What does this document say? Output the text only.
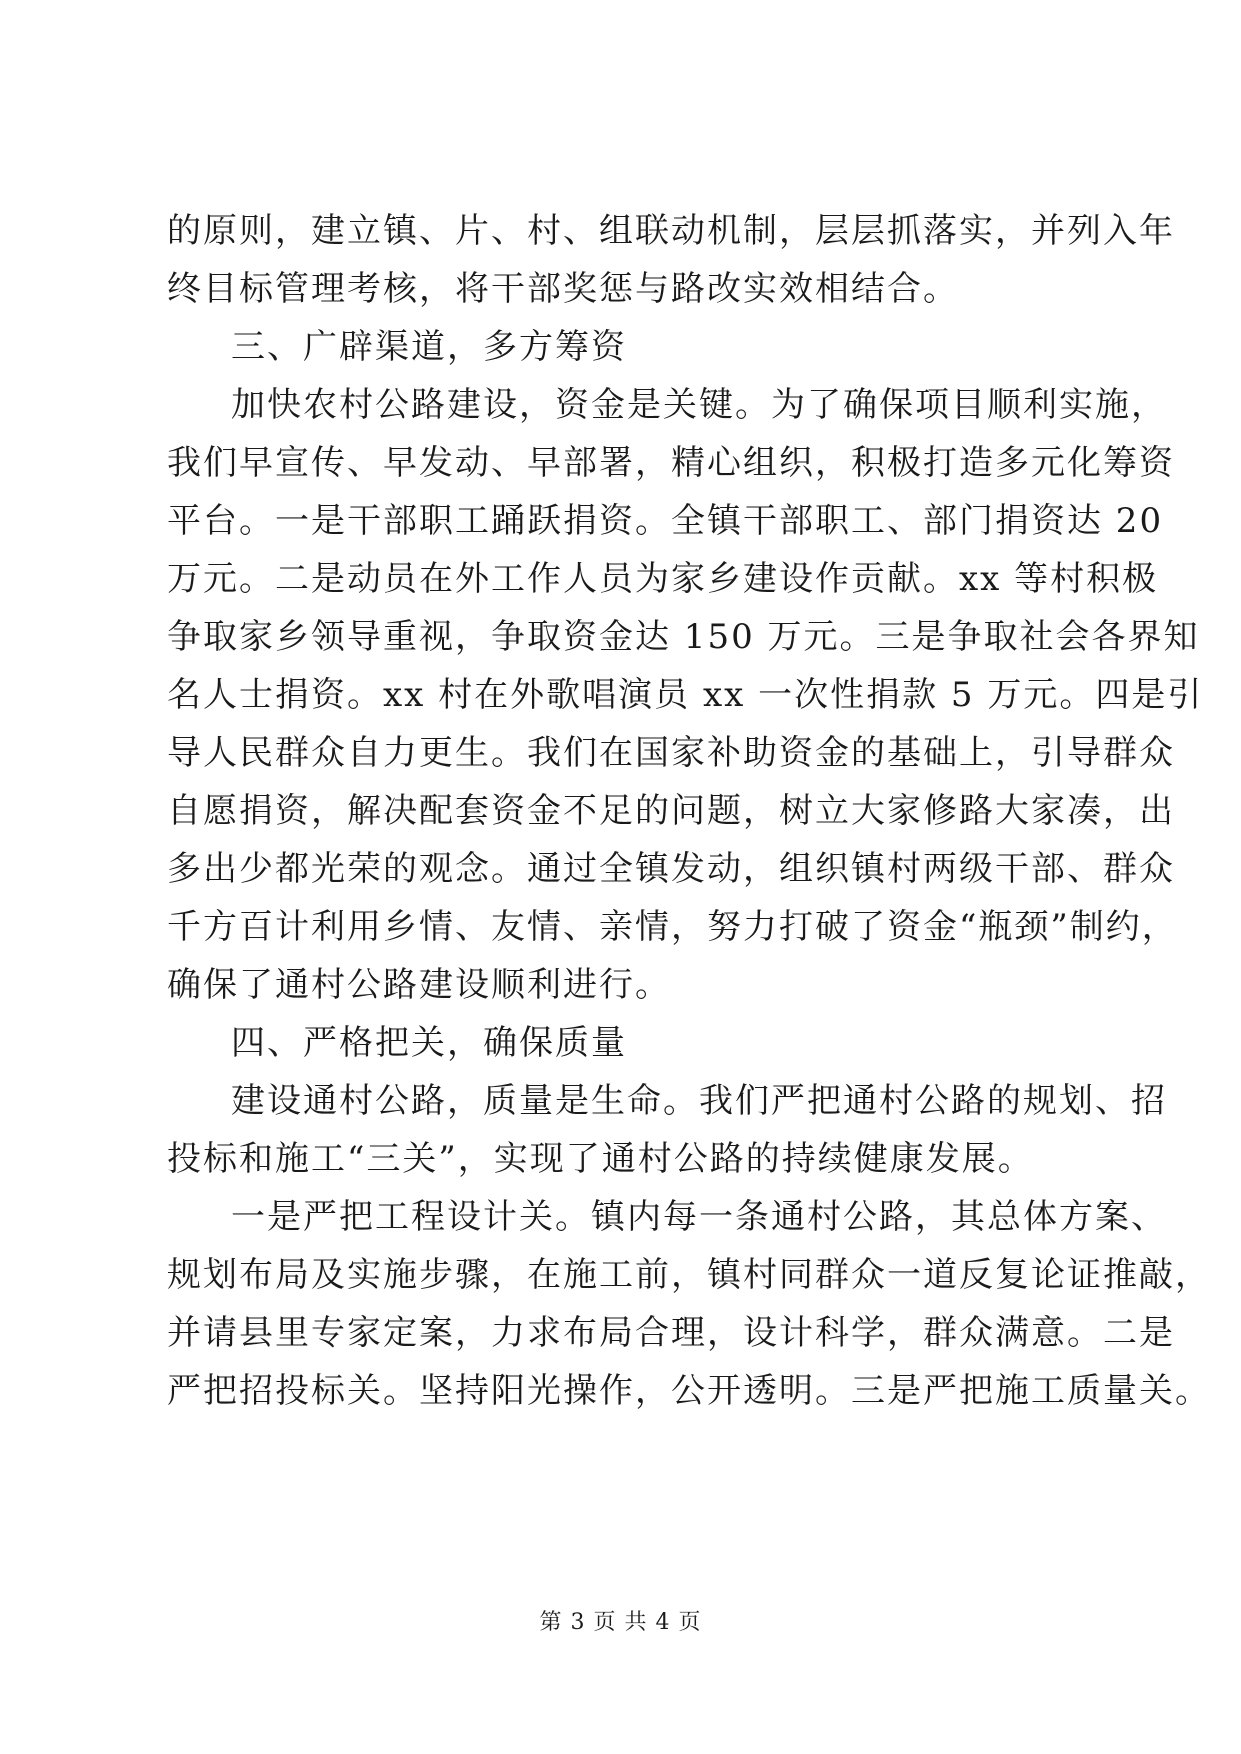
的原则，建立镇、片、村、组联动机制，层层抓落实，并列入年
终目标管理考核，将干部奖惩与路改实效相结合。
三、广辟渠道，多方筹资
加快农村公路建设，资金是关键。为了确保项目顺利实施，
我们早宣传、早发动、早部署，精心组织，积极打造多元化筹资
平台。一是干部职工踊跃捐资。全镇干部职工、部门捐资达 20
万元。二是动员在外工作人员为家乡建设作贡献。xx 等村积极
争取家乡领导重视，争取资金达 150 万元。三是争取社会各界知
名人士捐资。xx 村在外歌唱演员 xx 一次性捐款 5 万元。四是引
导人民群众自力更生。我们在国家补助资金的基础上，引导群众
自愿捐资，解决配套资金不足的问题，树立大家修路大家凑，出
多出少都光荣的观念。通过全镇发动，组织镇村两级干部、群众
千方百计利用乡情、友情、亲情，努力打破了资金“瓶颈”制约，
确保了通村公路建设顺利进行。
四、严格把关，确保质量
建设通村公路，质量是生命。我们严把通村公路的规划、招
投标和施工“三关”，实现了通村公路的持续健康发展。
一是严把工程设计关。镇内每一条通村公路，其总体方案、
规划布局及实施步骤，在施工前，镇村同群众一道反复论证推敲，
并请县里专家定案，力求布局合理，设计科学，群众满意。二是
严把招投标关。坚持阳光操作，公开透明。三是严把施工质量关。
第 3 页 共 4 页
